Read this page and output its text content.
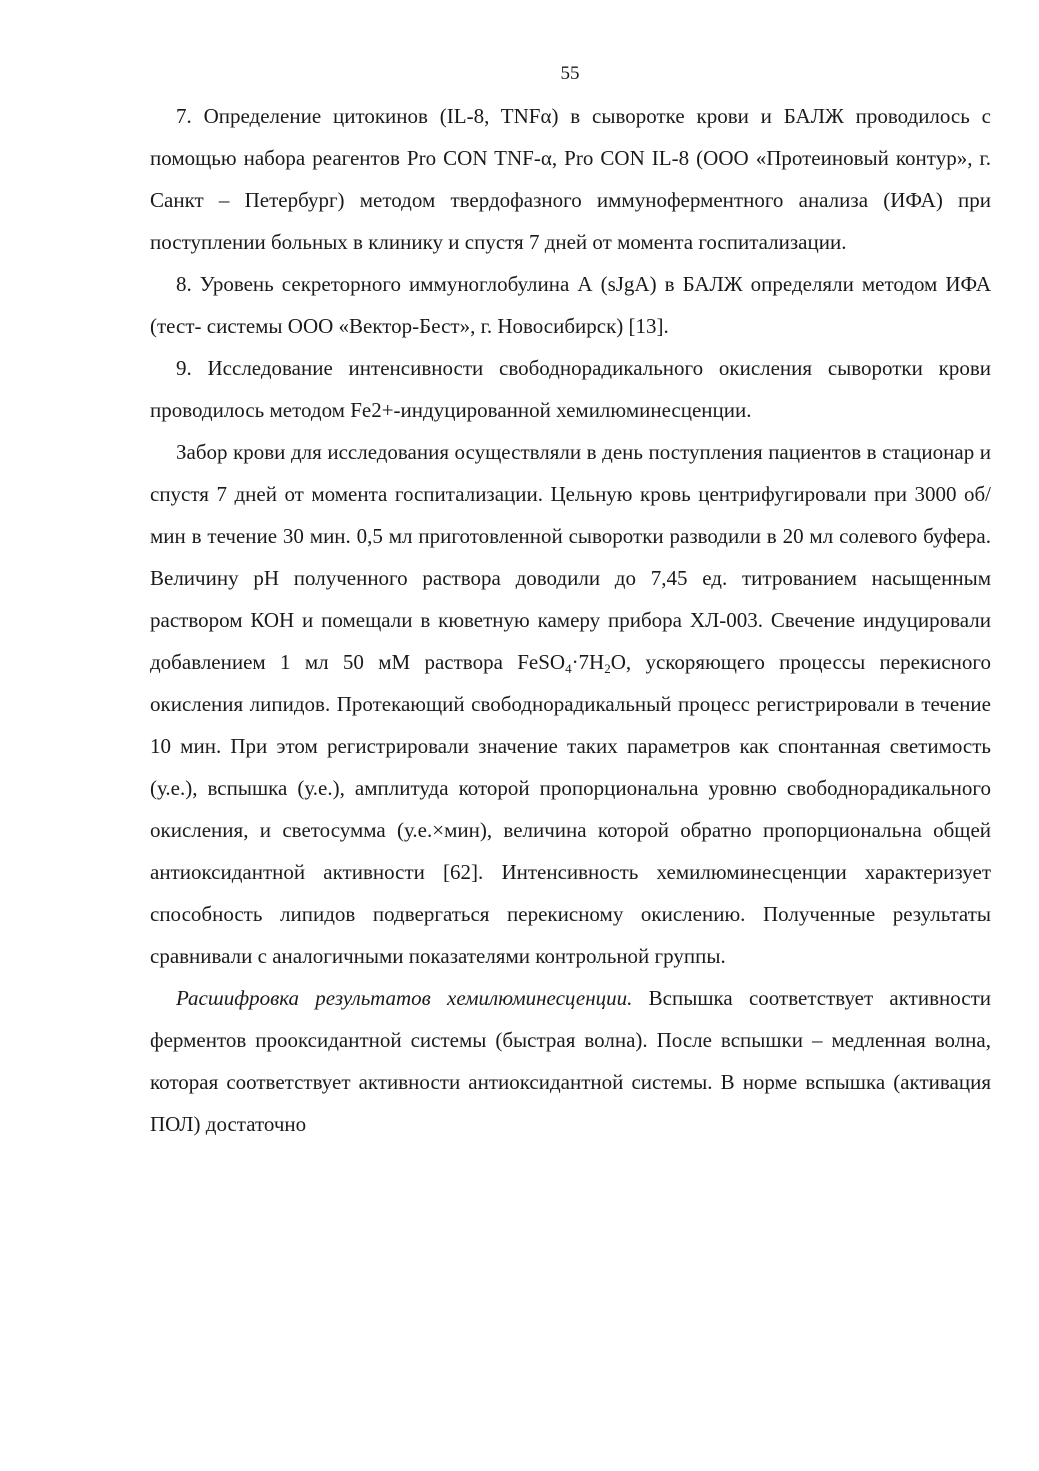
55

7. Определение цитокинов (IL-8, TNFα) в сыворотке крови и БАЛЖ проводилось с помощью набора реагентов Pro CON TNF-α, Pro CON IL-8 (ООО «Протеиновый контур», г. Санкт – Петербург) методом твердофазного иммуноферментного анализа (ИФА) при поступлении больных в клинику и спустя 7 дней от момента госпитализации.

8. Уровень секреторного иммуноглобулина А (sJgA) в БАЛЖ определяли методом ИФА (тест- системы ООО «Вектор-Бест», г. Новосибирск) [13].

9. Исследование интенсивности свободнорадикального окисления сыворотки крови проводилось методом Fe2+-индуцированной хемилюминесценции.

Забор крови для исследования осуществляли в день поступления пациентов в стационар и спустя 7 дней от момента госпитализации. Цельную кровь центрифугировали при 3000 об/мин в течение 30 мин. 0,5 мл приготовленной сыворотки разводили в 20 мл солевого буфера. Величину pH полученного раствора доводили до 7,45 ед. титрованием насыщенным раствором КОН и помещали в кюветную камеру прибора ХЛ-003. Свечение индуцировали добавлением 1 мл 50 мМ раствора $FeSO_4\cdot 7H_2O$, ускоряющего процессы перекисного окисления липидов. Протекающий свободнорадикальный процесс регистрировали в течение 10 мин. При этом регистрировали значение таких параметров как спонтанная светимость (у.е.), вспышка (у.е.), амплитуда которой пропорциональна уровню свободнорадикального окисления, и светосумма (у.е.×мин), величина которой обратно пропорциональна общей антиоксидантной активности [62]. Интенсивность хемилюминесценции характеризует способность липидов подвергаться перекисному окислению. Полученные результаты сравнивали с аналогичными показателями контрольной группы.

Расшифровка результатов хемилюминесценции. Вспышка соответствует активности ферментов прооксидантной системы (быстрая волна). После вспышки – медленная волна, которая соответствует активности антиоксидантной системы. В норме вспышка (активация ПОЛ) достаточно
